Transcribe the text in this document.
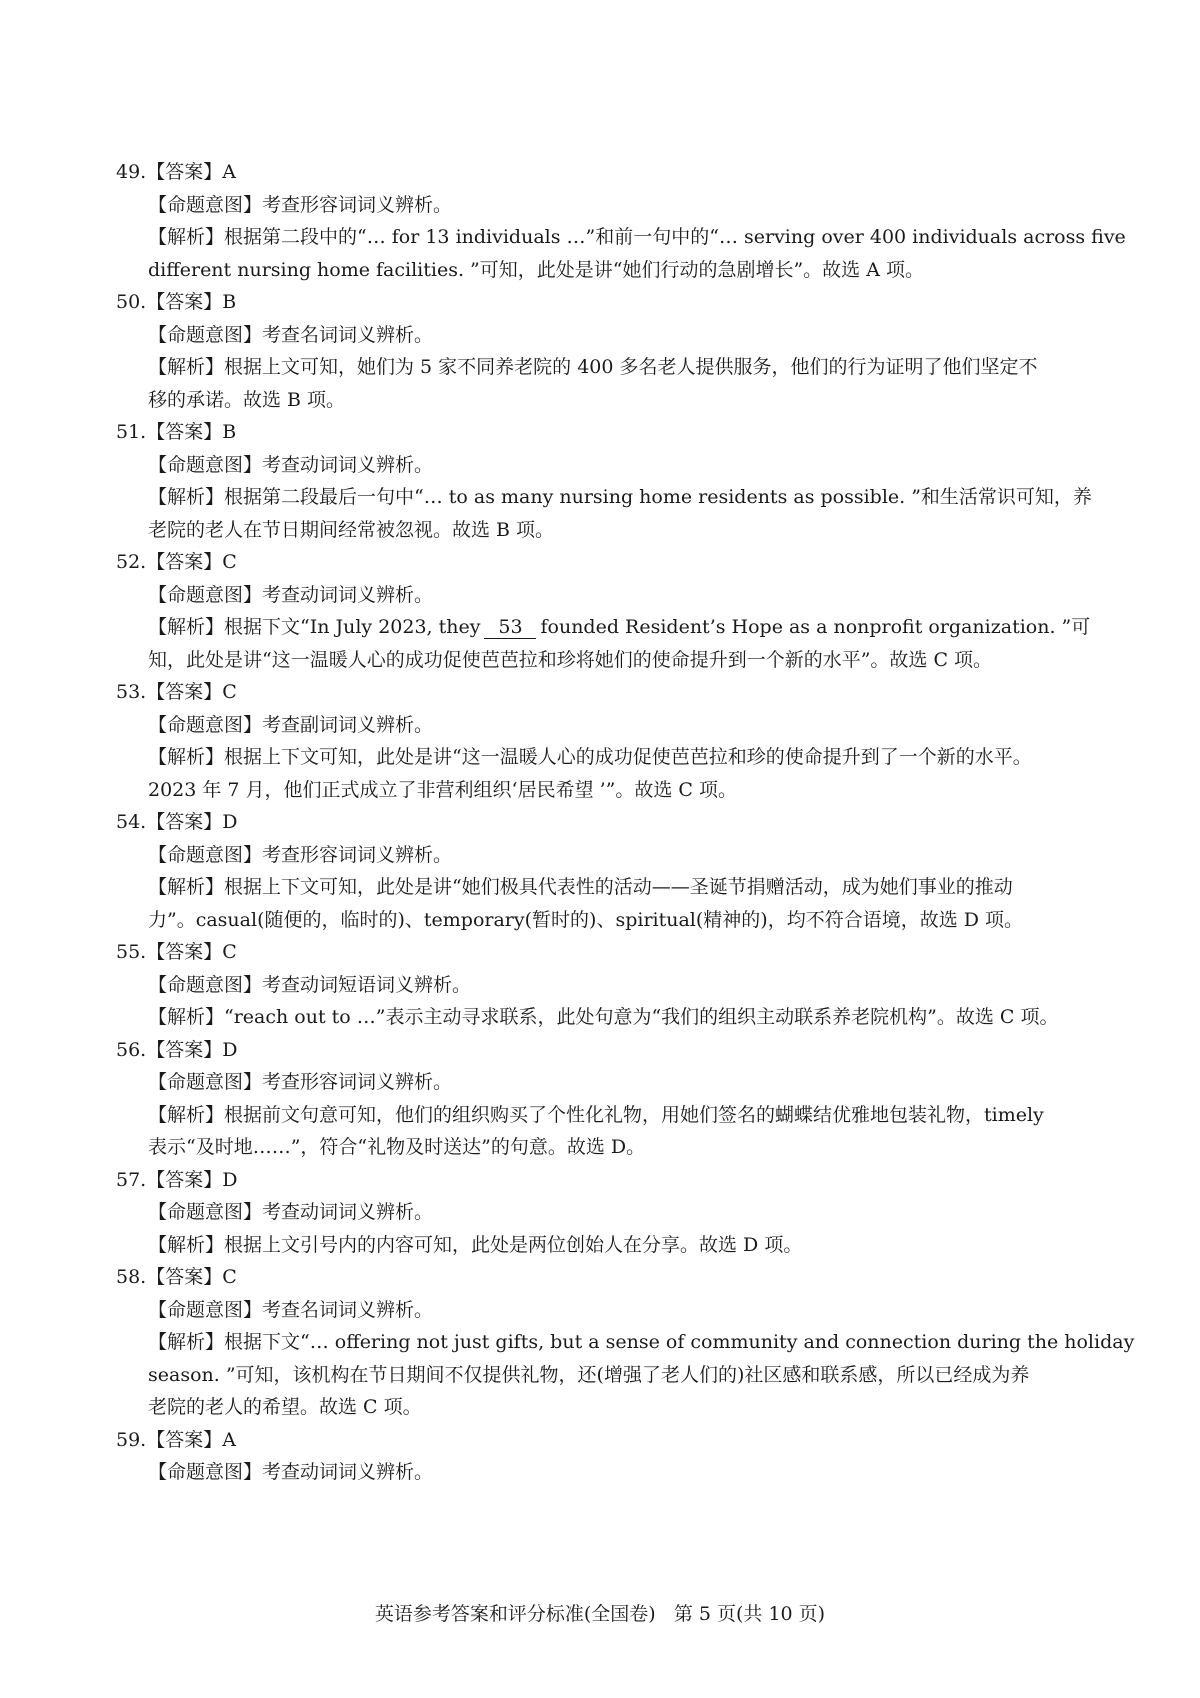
49.【答案】A
【命题意图】考查形容词词义辨析。
【解析】根据第二段中的“… for 13 individuals …”和前一句中的“… serving over 400 individuals across five
different nursing home facilities. ”可知，此处是讲“她们行动的急剧增长”。故选 A 项。
50.【答案】B
【命题意图】考查名词词义辨析。
【解析】根据上文可知，她们为 5 家不同养老院的 400 多名老人提供服务，他们的行为证明了他们坚定不
移的承诺。故选 B 项。
51.【答案】B
【命题意图】考查动词词义辨析。
【解析】根据第二段最后一句中“… to as many nursing home residents as possible. ”和生活常识可知，养
老院的老人在节日期间经常被忽视。故选 B 项。
52.【答案】C
【命题意图】考查动词词义辨析。
【解析】根据下文“In July 2023, they 53 founded Resident’s Hope as a nonprofit organization. ”可
知，此处是讲“这一温暖人心的成功促使芭芭拉和珍将她们的使命提升到一个新的水平”。故选 C 项。
53.【答案】C
【命题意图】考查副词词义辨析。
【解析】根据上下文可知，此处是讲“这一温暖人心的成功促使芭芭拉和珍的使命提升到了一个新的水平。
2023 年 7 月，他们正式成立了非营利组织‘居民希望 ’”。故选 C 项。
54.【答案】D
【命题意图】考查形容词词义辨析。
【解析】根据上下文可知，此处是讲“她们极具代表性的活动——圣诞节捐赠活动，成为她们事业的推动
力”。casual(随便的，临时的)、temporary(暂时的)、spiritual(精神的)，均不符合语境，故选 D 项。
55.【答案】C
【命题意图】考查动词短语词义辨析。
【解析】“reach out to …”表示主动寻求联系，此处句意为“我们的组织主动联系养老院机构”。故选 C 项。
56.【答案】D
【命题意图】考查形容词词义辨析。
【解析】根据前文句意可知，他们的组织购买了个性化礼物，用她们签名的蝴蝶结优雅地包装礼物，timely
表示“及时地……”，符合“礼物及时送达”的句意。故选 D。
57.【答案】D
【命题意图】考查动词词义辨析。
【解析】根据上文引号内的内容可知，此处是两位创始人在分享。故选 D 项。
58.【答案】C
【命题意图】考查名词词义辨析。
【解析】根据下文“… offering not just gifts, but a sense of community and connection during the holiday
season. ”可知，该机构在节日期间不仅提供礼物，还(增强了老人们的)社区感和联系感，所以已经成为养
老院的老人的希望。故选 C 项。
59.【答案】A
【命题意图】考查动词词义辨析。
英语参考答案和评分标准(全国卷) 第 5 页(共 10 页)
